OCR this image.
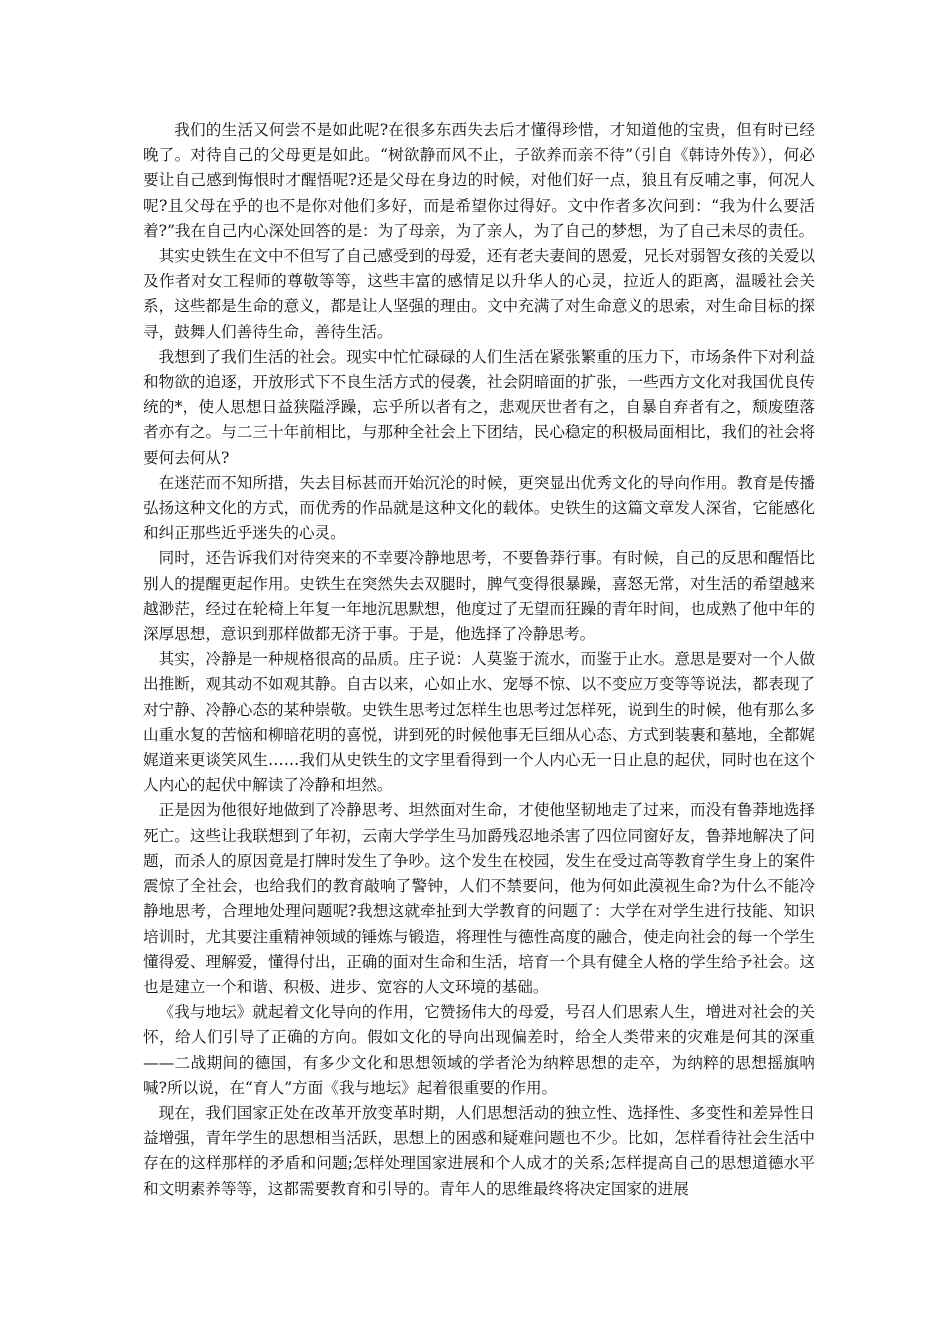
我们的生活又何尝不是如此呢?在很多东西失去后才懂得珍惜，才知道他的宝贵，但有时已经晚了。对待自己的父母更是如此。“树欲静而风不止，子欲养而亲不待”（引自《韩诗外传》），何必要让自己感到悔恨时才醒悟呢?还是父母在身边的时候，对他们好一点，狼且有反哺之事，何况人呢?且父母在乎的也不是你对他们多好，而是希望你过得好。文中作者多次问到：“我为什么要活着?”我在自己内心深处回答的是：为了母亲，为了亲人，为了自己的梦想，为了自己未尽的责任。

其实史铁生在文中不但写了自己感受到的母爱，还有老夫妻间的恩爱，兄长对弱智女孩的关爱以及作者对女工程师的尊敬等等，这些丰富的感情足以升华人的心灵，拉近人的距离，温暖社会关系，这些都是生命的意义，都是让人坚强的理由。文中充满了对生命意义的思索，对生命目标的探寻，鼓舞人们善待生命，善待生活。

我想到了我们生活的社会。现实中忙忙碌碌的人们生活在紧张繁重的压力下，市场条件下对利益和物欲的追逐，开放形式下不良生活方式的侵袭，社会阴暗面的扩张，一些西方文化对我国优良传统的*，使人思想日益狭隘浮躁，忘乎所以者有之，悲观厌世者有之，自暴自弃者有之，颓废堕落者亦有之。与二三十年前相比，与那种全社会上下团结，民心稳定的积极局面相比，我们的社会将要何去何从?

在迷茫而不知所措，失去目标甚而开始沉沦的时候，更突显出优秀文化的导向作用。教育是传播弘扬这种文化的方式，而优秀的作品就是这种文化的载体。史铁生的这篇文章发人深省，它能感化和纠正那些近乎迷失的心灵。

同时，还告诉我们对待突来的不幸要冷静地思考，不要鲁莽行事。有时候，自己的反思和醒悟比别人的提醒更起作用。史铁生在突然失去双腿时，脾气变得很暴躁，喜怒无常，对生活的希望越来越渺茫，经过在轮椅上年复一年地沉思默想，他度过了无望而狂躁的青年时间，也成熟了他中年的深厚思想，意识到那样做都无济于事。于是，他选择了冷静思考。

其实，冷静是一种规格很高的品质。庄子说：人莫鉴于流水，而鉴于止水。意思是要对一个人做出推断，观其动不如观其静。自古以来，心如止水、宠辱不惊、以不变应万变等等说法，都表现了对宁静、冷静心态的某种崇敬。史铁生思考过怎样生也思考过怎样死，说到生的时候，他有那么多山重水复的苦恼和柳暗花明的喜悦，讲到死的时候他事无巨细从心态、方式到装裹和墓地，全都娓娓道来更谈笑风生……我们从史铁生的文字里看得到一个人内心无一日止息的起伏，同时也在这个人内心的起伏中解读了冷静和坦然。

正是因为他很好地做到了冷静思考、坦然面对生命，才使他坚韧地走了过来，而没有鲁莽地选择死亡。这些让我联想到了年初，云南大学学生马加爵残忍地杀害了四位同窗好友，鲁莽地解决了问题，而杀人的原因竟是打牌时发生了争吵。这个发生在校园，发生在受过高等教育学生身上的案件震惊了全社会，也给我们的教育敲响了警钟，人们不禁要问，他为何如此漠视生命?为什么不能冷静地思考，合理地处理问题呢?我想这就牵扯到大学教育的问题了：大学在对学生进行技能、知识培训时，尤其要注重精神领域的锤炼与锻造，将理性与德性高度的融合，使走向社会的每一个学生懂得爱、理解爱，懂得付出，正确的面对生命和生活，培育一个具有健全人格的学生给予社会。这也是建立一个和谐、积极、进步、宽容的人文环境的基础。

《我与地坛》就起着文化导向的作用，它赞扬伟大的母爱，号召人们思索人生，增进对社会的关怀，给人们引导了正确的方向。假如文化的导向出现偏差时，给全人类带来的灾难是何其的深重——二战期间的德国，有多少文化和思想领域的学者沦为纳粹思想的走卒，为纳粹的思想摇旗呐喊?所以说，在“育人”方面《我与地坛》起着很重要的作用。

现在，我们国家正处在改革开放变革时期，人们思想活动的独立性、选择性、多变性和差异性日益增强，青年学生的思想相当活跃，思想上的困惑和疑难问题也不少。比如，怎样看待社会生活中存在的这样那样的矛盾和问题;怎样处理国家进展和个人成才的关系;怎样提高自己的思想道德水平和文明素养等等，这都需要教育和引导的。青年人的思维最终将决定国家的进展
